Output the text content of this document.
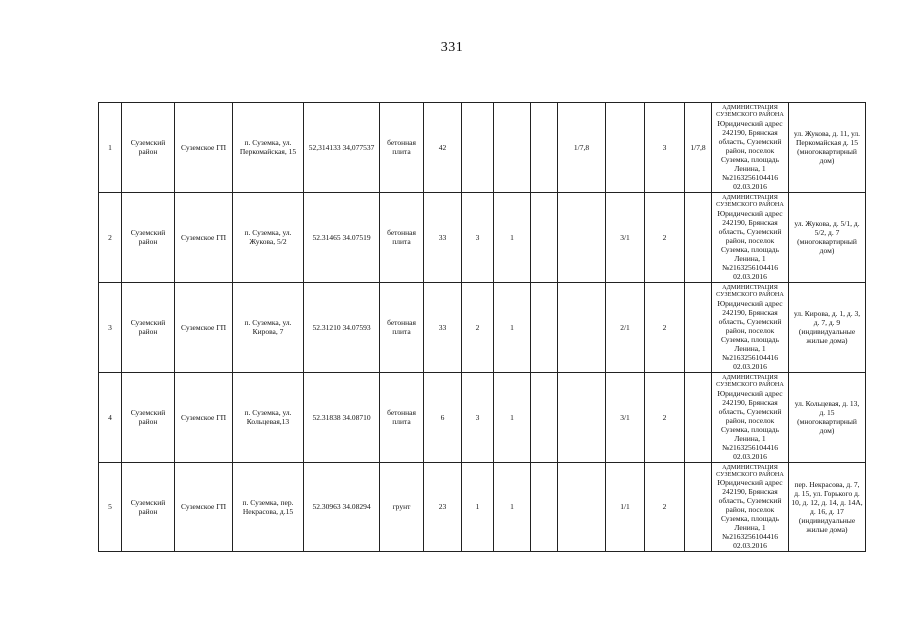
331
1	Суземский район	Суземское ГП	п. Суземка, ул. Перкомайская, 15	52,314133 34,077537	бетонная плита	42				1/7,8		3	1/7,8	АДМИНИСТРАЦИЯ СУЗЕМСКОГО РАЙОНА
Юридический адрес
242190, Брянская область, Суземский район, поселок Суземка, площадь Ленина, 1
№2163256104416
02.03.2016	ул. Жукова, д. 11, ул. Перкомайская д. 15 (многоквартирный дом)
2	Суземский район	Суземское ГП	п. Суземка, ул. Жукова, 5/2	52.31465 34.07519	бетонная плита	33	3	1			3/1	2		АДМИНИСТРАЦИЯ СУЗЕМСКОГО РАЙОНА
Юридический адрес
242190, Брянская область, Суземский район, поселок Суземка, площадь Ленина, 1
№2163256104416
02.03.2016	ул. Жукова, д. 5/1, д. 5/2, д. 7 (многоквартирный дом)
3	Суземский район	Суземское ГП	п. Суземка, ул. Кирова, 7	52.31210 34.07593	бетонная плита	33	2	1			2/1	2		АДМИНИСТРАЦИЯ СУЗЕМСКОГО РАЙОНА
Юридический адрес
242190, Брянская область, Суземский район, поселок Суземка, площадь Ленина, 1
№2163256104416
02.03.2016	ул. Кирова, д. 1, д. 3, д. 7, д. 9 (индивидуальные жилые дома)
4	Суземский район	Суземское ГП	п. Суземка, ул. Кольцевая,13	52.31838 34.08710	бетонная плита	6	3	1			3/1	2		АДМИНИСТРАЦИЯ СУЗЕМСКОГО РАЙОНА
Юридический адрес
242190, Брянская область, Суземский район, поселок Суземка, площадь Ленина, 1
№2163256104416
02.03.2016	ул. Кольцевая, д. 13, д. 15 (многоквартирный дом)
5	Суземский район	Суземское ГП	п. Суземка, пер. Некрасова, д.15	52.30963 34.08294	грунт	23	1	1			1/1	2		АДМИНИСТРАЦИЯ СУЗЕМСКОГО РАЙОНА
Юридический адрес
242190, Брянская область, Суземский район, поселок Суземка, площадь Ленина, 1
№2163256104416
02.03.2016	пер. Некрасова, д. 7, д. 15, ул. Горького д. 10, д. 12, д. 14, д. 14А, д. 16, д. 17 (индивидуальные жилые дома)
